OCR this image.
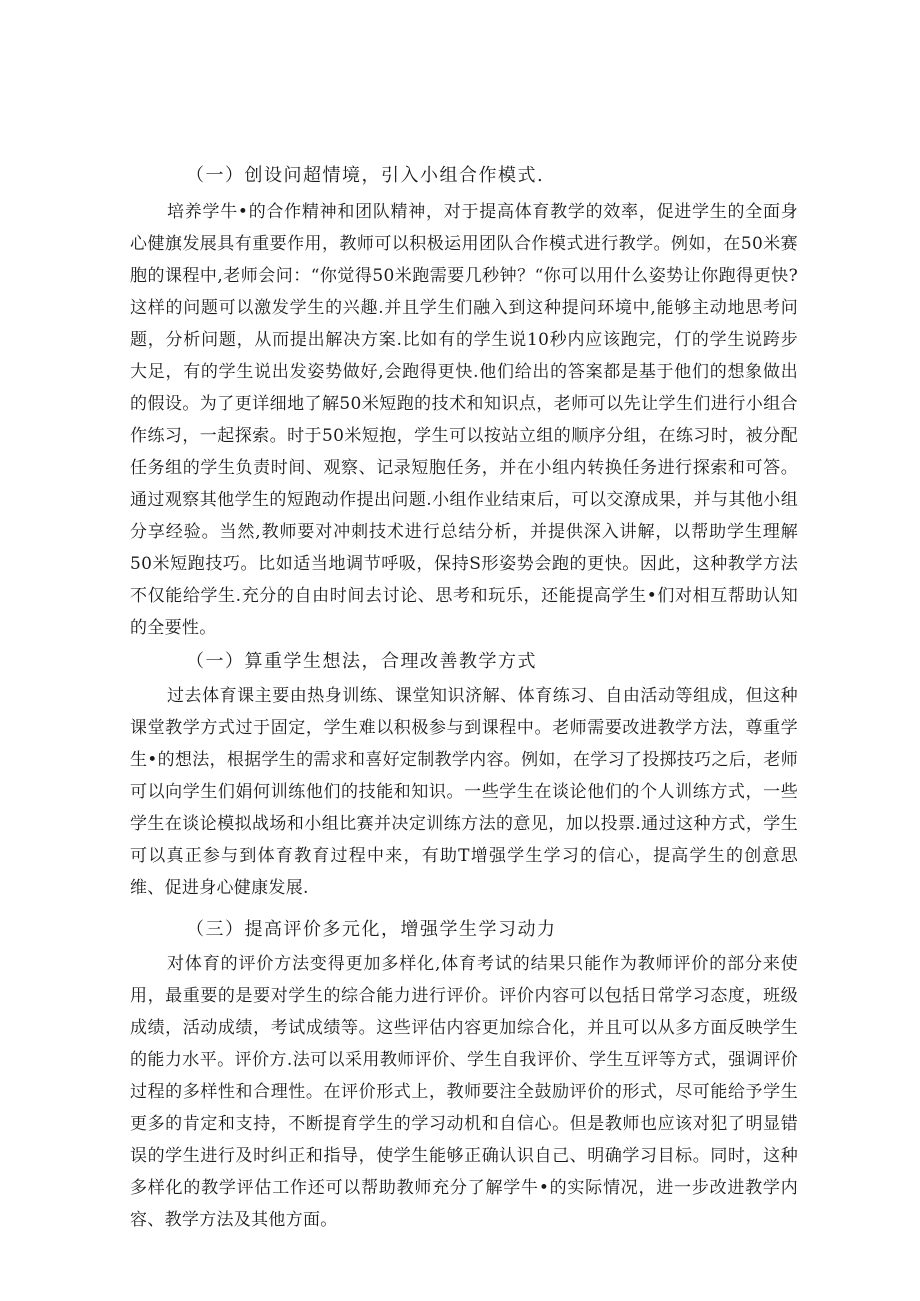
（一）创设问超情境，引入小组合作模式.

培养学牛•的合作精神和团队精神，对于提高体育教学的效率，促进学生的全面身心健旗发展具有重要作用，教师可以积极运用团队合作模式进行教学。例如，在50米赛胞的课程中,老师会问：“你觉得50米跑需要几秒钟？“你可以用什么姿势让你跑得更快?这样的问题可以激发学生的兴趣.并且学生们融入到这种提问环境中,能够主动地思考问题，分析问题，从而提出解决方案.比如有的学生说10秒内应该跑完，仃的学生说跨步大足，有的学生说出发姿势做好,会跑得更快.他们给出的答案都是基于他们的想象做出的假设。为了更详细地了解50米短跑的技术和知识点，老师可以先让学生们进行小组合作练习，一起探索。时于50米短抱，学生可以按站立组的顺序分组，在练习时，被分配任务组的学生负责时间、观察、记录短胞任务，并在小组内转换任务进行探索和可答。通过观察其他学生的短跑动作提出问题.小组作业结束后，可以交潦成果，并与其他小组分享经验。当然,教师要对冲刺技术进行总结分析，并提供深入讲解，以帮助学生理解50米短跑技巧。比如适当地调节呼吸，保持S形姿势会跑的更快。因此，这种教学方法不仅能给学生.充分的自由时间去讨论、思考和玩乐，还能提高学生•们对相互帮助认知的全要性。

（一）算重学生想法，合理改善教学方式

过去体育课主要由热身训练、课堂知识济解、体育练习、自由活动等组成，但这种课堂教学方式过于固定，学生难以积极参与到课程中。老师需要改进教学方法，尊重学生•的想法，根据学生的需求和喜好定制教学内容。例如，在学习了投掷技巧之后，老师可以向学生们娟何训练他们的技能和知识。一些学生在谈论他们的个人训练方式，一些学生在谈论模拟战场和小组比赛并决定训练方法的意见，加以投票.通过这种方式，学生可以真正参与到体育教育过程中来，有助T增强学生学习的信心，提高学生的创意思维、促进身心健康发展.

（三）提高评价多元化，增强学生学习动力

对体育的评价方法变得更加多样化,体育考试的结果只能作为教师评价的部分来使用，最重要的是要对学生的综合能力进行评价。评价内容可以包括日常学习态度，班级成绩，活动成绩，考试成绩等。这些评估内容更加综合化，并且可以从多方面反映学生的能力水平。评价方.法可以采用教师评价、学生自我评价、学生互评等方式，强调评价过程的多样性和合理性。在评价形式上，教师要注全鼓励评价的形式，尽可能给予学生更多的肯定和支持，不断提育学生的学习动机和自信心。但是教师也应该对犯了明显错误的学生进行及时纠正和指导，使学生能够正确认识自己、明确学习目标。同时，这种多样化的教学评估工作还可以帮助教师充分了解学牛•的实际情况，进一步改进教学内容、教学方法及其他方面。
